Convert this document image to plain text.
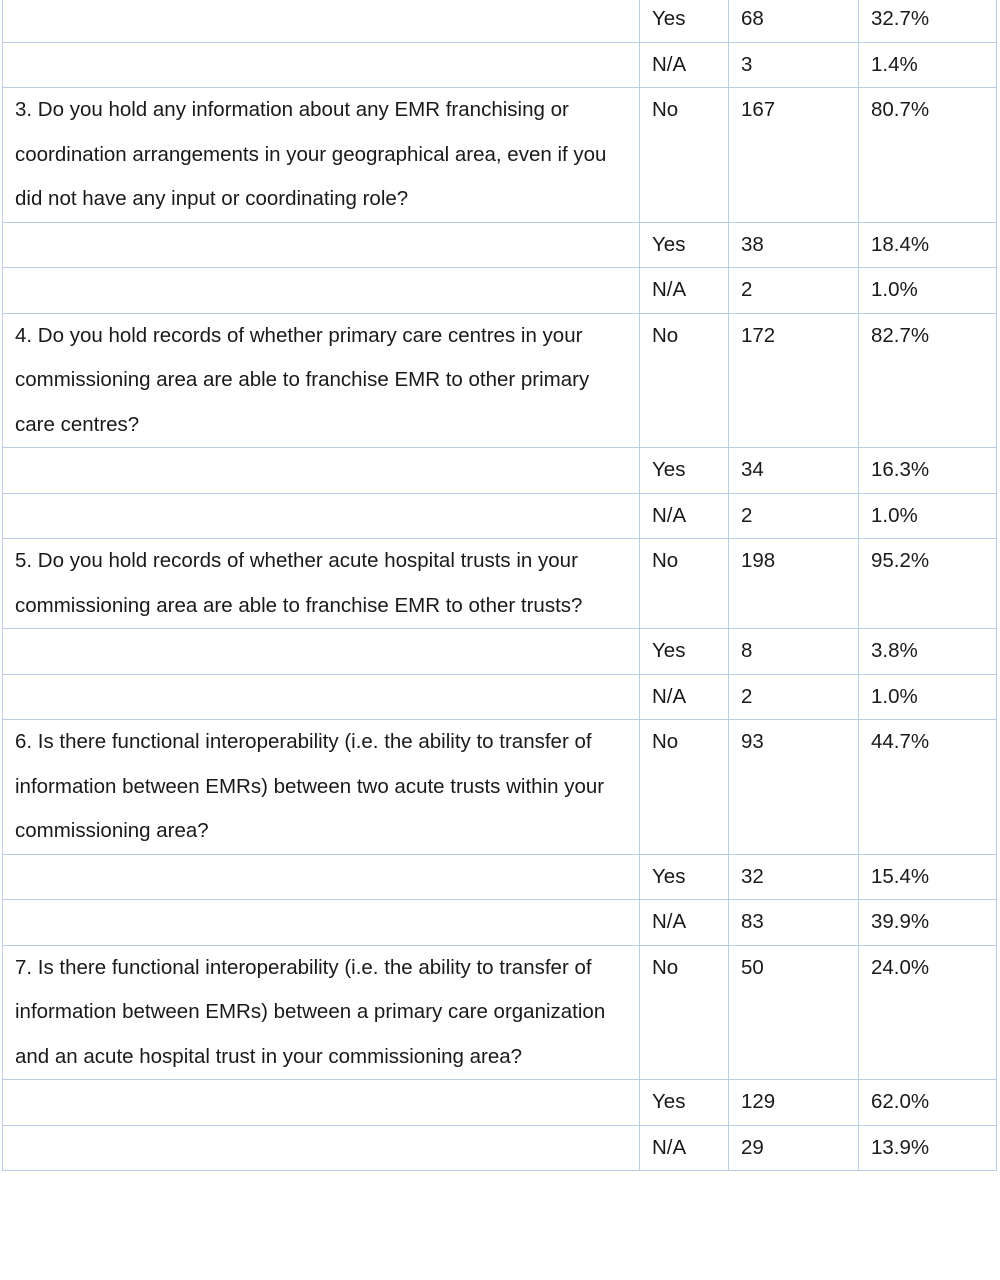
	Yes	68	32.7%
	N/A	3	1.4%
3. Do you hold any information about any EMR franchising or coordination arrangements in your geographical area, even if you did not have any input or coordinating role?	No	167	80.7%
	Yes	38	18.4%
	N/A	2	1.0%
4. Do you hold records of whether primary care centres in your commissioning area are able to franchise EMR to other primary care centres?	No	172	82.7%
	Yes	34	16.3%
	N/A	2	1.0%
5. Do you hold records of whether acute hospital trusts in your commissioning area are able to franchise EMR to other trusts?	No	198	95.2%
	Yes	8	3.8%
	N/A	2	1.0%
6. Is there functional interoperability (i.e. the ability to transfer of information between EMRs) between two acute trusts within your commissioning area?	No	93	44.7%
	Yes	32	15.4%
	N/A	83	39.9%
7. Is there functional interoperability (i.e. the ability to transfer of information between EMRs) between a primary care organization and an acute hospital trust in your commissioning area?	No	50	24.0%
	Yes	129	62.0%
	N/A	29	13.9%
